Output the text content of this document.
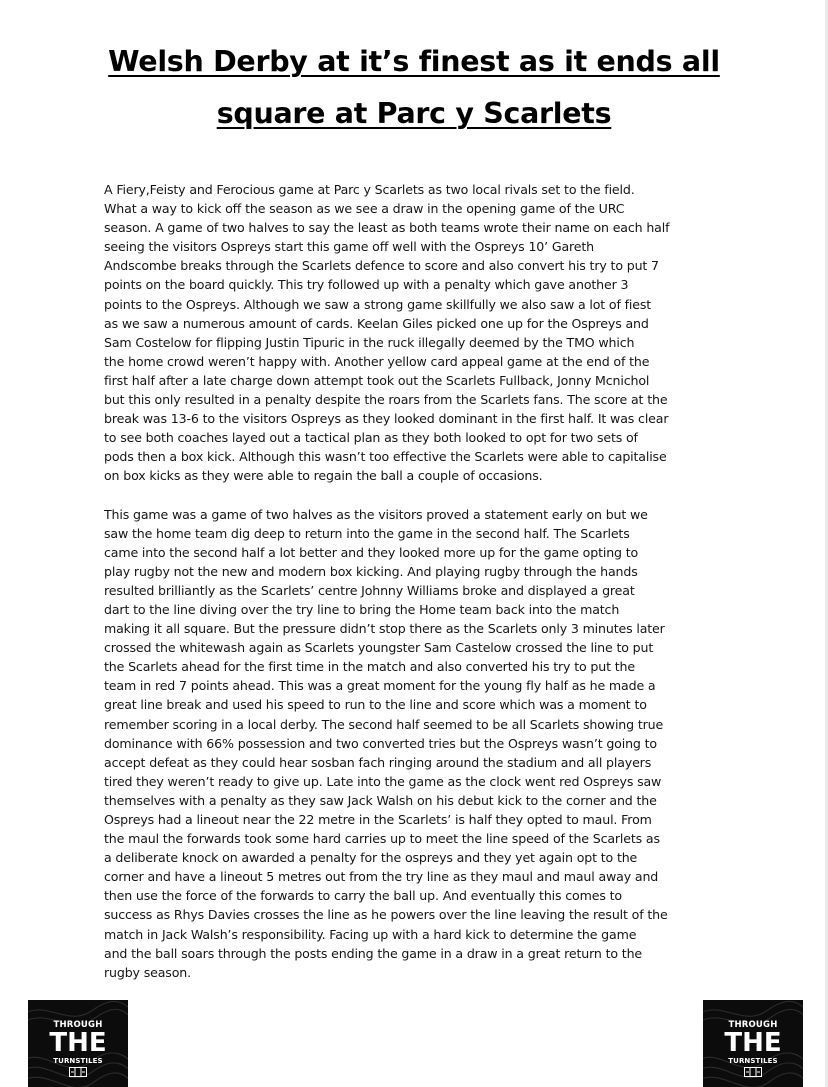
Welsh Derby at it’s finest as it ends all
square at Parc y Scarlets

A Fiery,Feisty and Ferocious game at Parc y Scarlets as two local rivals set to the field.
What a way to kick off the season as we see a draw in the opening game of the URC
season. A game of two halves to say the least as both teams wrote their name on each half
seeing the visitors Ospreys start this game off well with the Ospreys 10’ Gareth
Andscombe breaks through the Scarlets defence to score and also convert his try to put 7
points on the board quickly. This try followed up with a penalty which gave another 3
points to the Ospreys. Although we saw a strong game skillfully we also saw a lot of fiest
as we saw a numerous amount of cards. Keelan Giles picked one up for the Ospreys and
Sam Costelow for flipping Justin Tipuric in the ruck illegally deemed by the TMO which
the home crowd weren’t happy with. Another yellow card appeal game at the end of the
first half after a late charge down attempt took out the Scarlets Fullback, Jonny Mcnichol
but this only resulted in a penalty despite the roars from the Scarlets fans. The score at the
break was 13-6 to the visitors Ospreys as they looked dominant in the first half. It was clear
to see both coaches layed out a tactical plan as they both looked to opt for two sets of
pods then a box kick. Although this wasn’t too effective the Scarlets were able to capitalise
on box kicks as they were able to regain the ball a couple of occasions.

This game was a game of two halves as the visitors proved a statement early on but we
saw the home team dig deep to return into the game in the second half. The Scarlets
came into the second half a lot better and they looked more up for the game opting to
play rugby not the new and modern box kicking. And playing rugby through the hands
resulted brilliantly as the Scarlets’ centre Johnny Williams broke and displayed a great
dart to the line diving over the try line to bring the Home team back into the match
making it all square. But the pressure didn’t stop there as the Scarlets only 3 minutes later
crossed the whitewash again as Scarlets youngster Sam Castelow crossed the line to put
the Scarlets ahead for the first time in the match and also converted his try to put the
team in red 7 points ahead. This was a great moment for the young fly half as he made a
great line break and used his speed to run to the line and score which was a moment to
remember scoring in a local derby. The second half seemed to be all Scarlets showing true
dominance with 66% possession and two converted tries but the Ospreys wasn’t going to
accept defeat as they could hear sosban fach ringing around the stadium and all players
tired they weren’t ready to give up. Late into the game as the clock went red Ospreys saw
themselves with a penalty as they saw Jack Walsh on his debut kick to the corner and the
Ospreys had a lineout near the 22 metre in the Scarlets’ is half they opted to maul. From
the maul the forwards took some hard carries up to meet the line speed of the Scarlets as
a deliberate knock on awarded a penalty for the ospreys and they yet again opt to the
corner and have a lineout 5 metres out from the try line as they maul and maul away and
then use the force of the forwards to carry the ball up. And eventually this comes to
success as Rhys Davies crosses the line as he powers over the line leaving the result of the
match in Jack Walsh’s responsibility. Facing up with a hard kick to determine the game
and the ball soars through the posts ending the game in a draw in a great return to the
rugby season.

THROUGH
THE
TURNSTILES
THROUGH
THE
TURNSTILES
